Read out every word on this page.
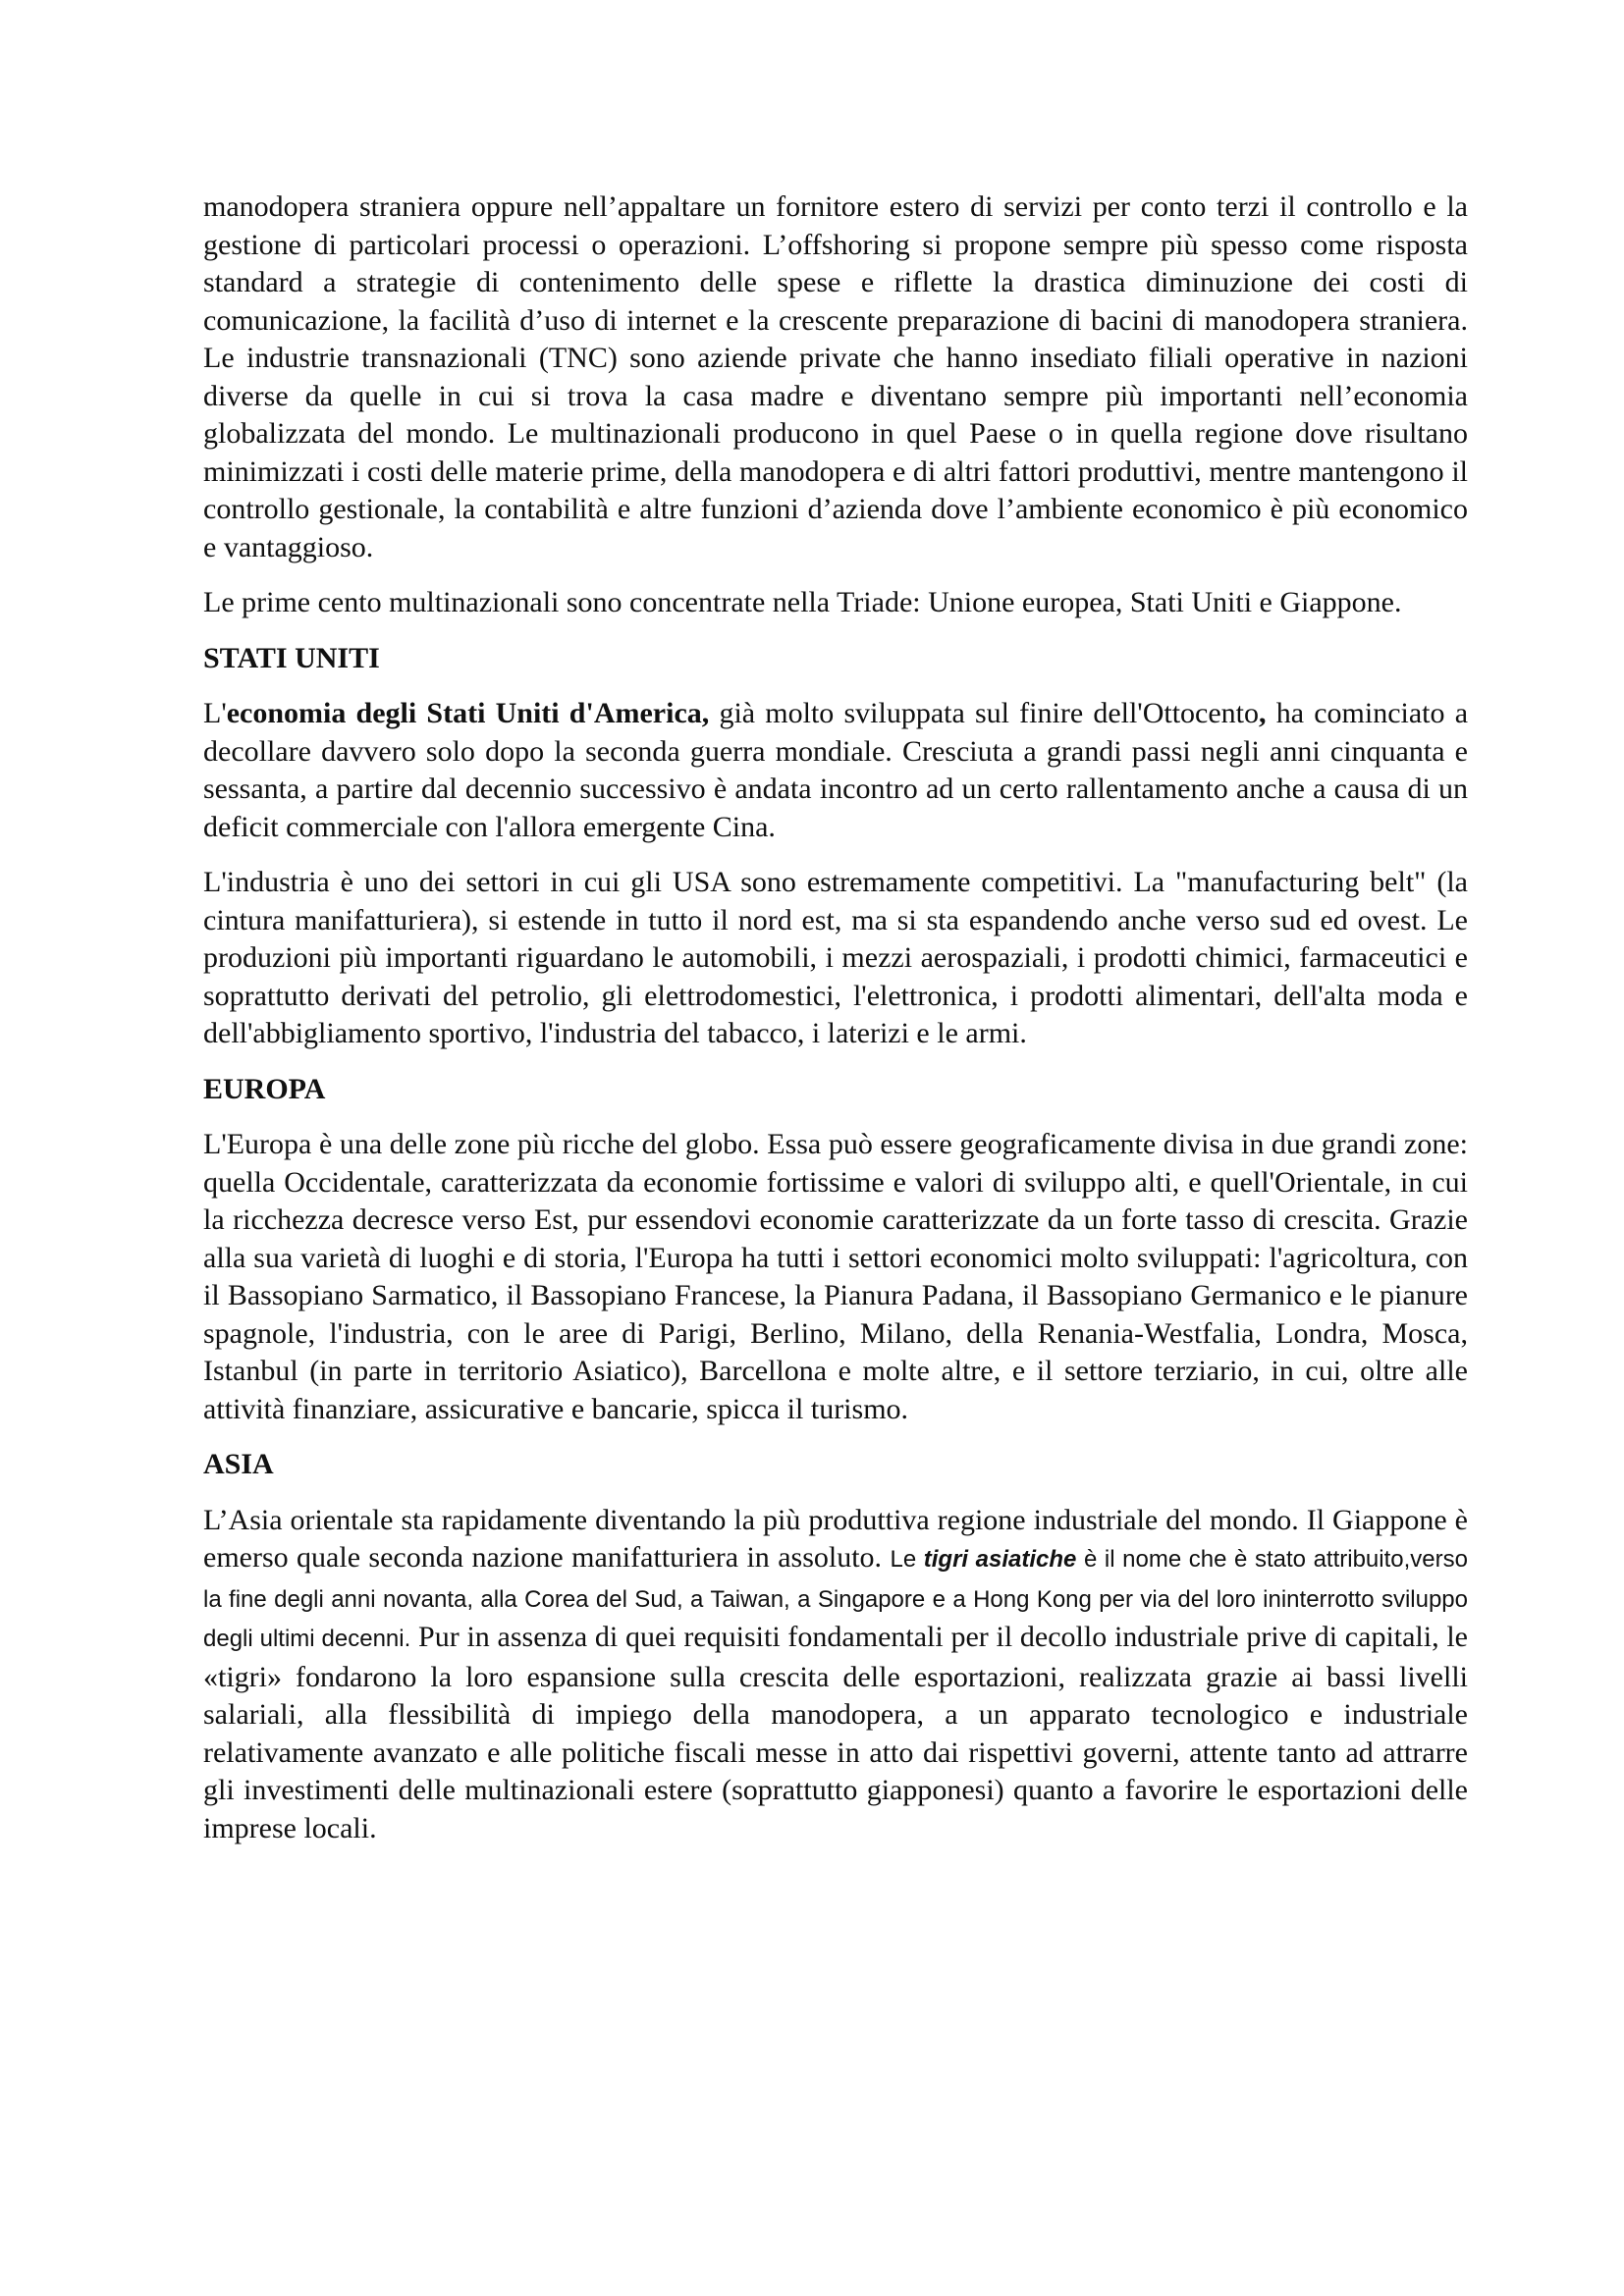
manodopera straniera oppure nell’appaltare un fornitore estero di servizi per conto terzi il controllo e la gestione di particolari processi o operazioni. L’offshoring si propone sempre più spesso come risposta standard a strategie di contenimento delle spese e riflette la drastica diminuzione dei costi di comunicazione, la facilità d’uso di internet e la crescente preparazione di bacini di manodopera straniera. Le industrie transnazionali (TNC) sono aziende private che hanno insediato filiali operative in nazioni diverse da quelle in cui si trova la casa madre e diventano sempre più importanti nell’economia globalizzata del mondo. Le multinazionali producono in quel Paese o in quella regione dove risultano minimizzati i costi delle materie prime, della manodopera e di altri fattori produttivi, mentre mantengono il controllo gestionale, la contabilità e altre funzioni d’azienda dove l’ambiente economico è più economico e vantaggioso.

Le prime cento multinazionali sono concentrate nella Triade: Unione europea, Stati Uniti e Giappone.

STATI UNITI

L'economia degli Stati Uniti d'America, già molto sviluppata sul finire dell'Ottocento, ha cominciato a decollare davvero solo dopo la seconda guerra mondiale. Cresciuta a grandi passi negli anni cinquanta e sessanta, a partire dal decennio successivo è andata incontro ad un certo rallentamento anche a causa di un deficit commerciale con l'allora emergente Cina.

L'industria è uno dei settori in cui gli USA sono estremamente competitivi. La "manufacturing belt" (la cintura manifatturiera), si estende in tutto il nord est, ma si sta espandendo anche verso sud ed ovest. Le produzioni più importanti riguardano le automobili, i mezzi aerospaziali, i prodotti chimici, farmaceutici e soprattutto derivati del petrolio, gli elettrodomestici, l'elettronica, i prodotti alimentari, dell'alta moda e dell'abbigliamento sportivo, l'industria del tabacco, i laterizi e le armi.

EUROPA

L'Europa è una delle zone più ricche del globo. Essa può essere geograficamente divisa in due grandi zone: quella Occidentale, caratterizzata da economie fortissime e valori di sviluppo alti, e quell'Orientale, in cui la ricchezza decresce verso Est, pur essendovi economie caratterizzate da un forte tasso di crescita. Grazie alla sua varietà di luoghi e di storia, l'Europa ha tutti i settori economici molto sviluppati: l'agricoltura, con il Bassopiano Sarmatico, il Bassopiano Francese, la Pianura Padana, il Bassopiano Germanico e le pianure spagnole, l'industria, con le aree di Parigi, Berlino, Milano, della Renania-Westfalia, Londra, Mosca, Istanbul (in parte in territorio Asiatico), Barcellona e molte altre, e il settore terziario, in cui, oltre alle attività finanziare, assicurative e bancarie, spicca il turismo.

ASIA

L’Asia orientale sta rapidamente diventando la più produttiva regione industriale del mondo. Il Giappone è emerso quale seconda nazione manifatturiera in assoluto. Le tigri asiatiche è il nome che è stato attribuito,verso la fine degli anni novanta, alla Corea del Sud, a Taiwan, a Singapore e a Hong Kong per via del loro ininterrotto sviluppo degli ultimi decenni. Pur in assenza di quei requisiti fondamentali per il decollo industriale prive di capitali, le «tigri» fondarono la loro espansione sulla crescita delle esportazioni, realizzata grazie ai bassi livelli salariali, alla flessibilità di impiego della manodopera, a un apparato tecnologico e industriale relativamente avanzato e alle politiche fiscali messe in atto dai rispettivi governi, attente tanto ad attrarre gli investimenti delle multinazionali estere (soprattutto giapponesi) quanto a favorire le esportazioni delle imprese locali.
